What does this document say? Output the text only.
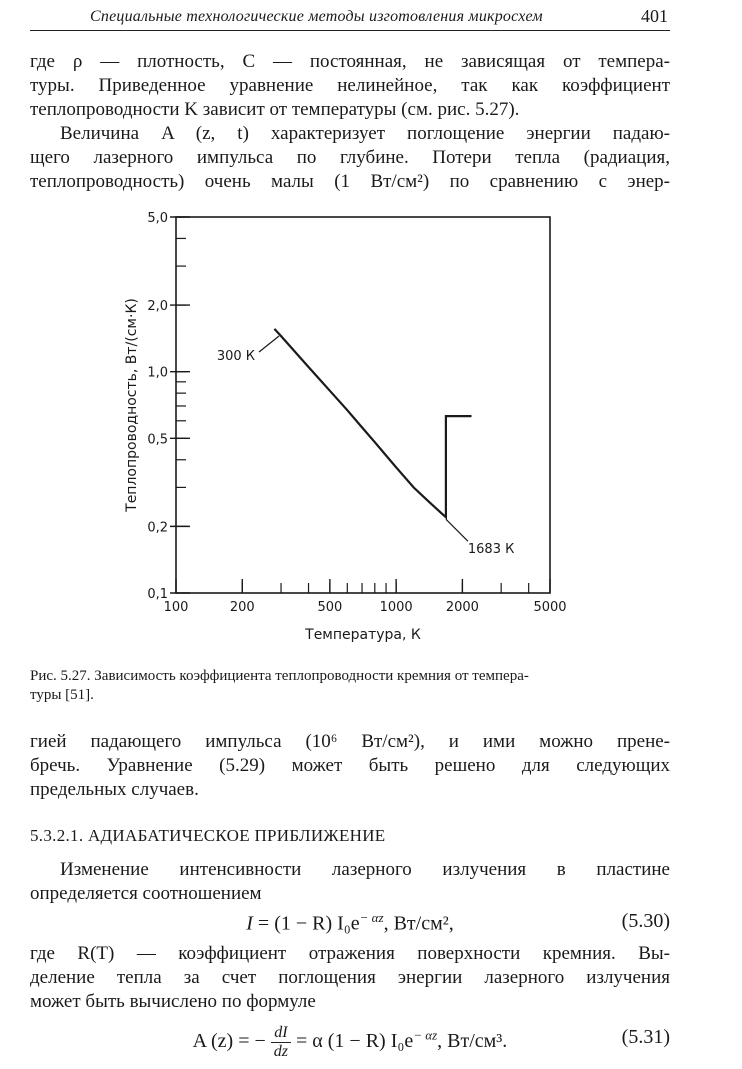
Специальные технологические методы изготовления микросхем	401
где ρ — плотность, C — постоянная, не зависящая от темпера-
туры. Приведенное уравнение нелинейное, так как коэффициент
теплопроводности K зависит от температуры (см. рис. 5.27).
Величина A (z, t) характеризует поглощение энергии падаю-
щего лазерного импульса по глубине. Потери тепла (радиация,
теплопроводность) очень малы (1 Вт/см²) по сравнению с энер-
0,1
0,2
0,5
1,0
2,0
5,0
100	200	500	1000	2000	5000
Температура, К
Теплопроводность, Вт/(см·К)	300 К
1683 К
Рис. 5.27. Зависимость коэффициента теплопроводности кремния от темпера-
туры [51].
гией падающего импульса (10⁶ Вт/см²), и ими можно прене-
бречь. Уравнение (5.29) может быть решено для следующих
предельных случаев.
5.3.2.1. АДИАБАТИЧЕСКОЕ ПРИБЛИЖЕНИЕ
Изменение интенсивности лазерного излучения в пластине
определяется соотношением
I = (1 − R) $I_0e^{- \alpha z}$, Вт/см²,	(5.30)
где R(T) — коэффициент отражения поверхности кремния. Вы-
деление тепла за счет поглощения энергии лазерного излучения
может быть вычислено по формуле
A (z) = − $\frac{dI}{dz} = \alpha$ (1 − R) $I_0e^{- \alpha z}$, Вт/см³.	(5.31)
